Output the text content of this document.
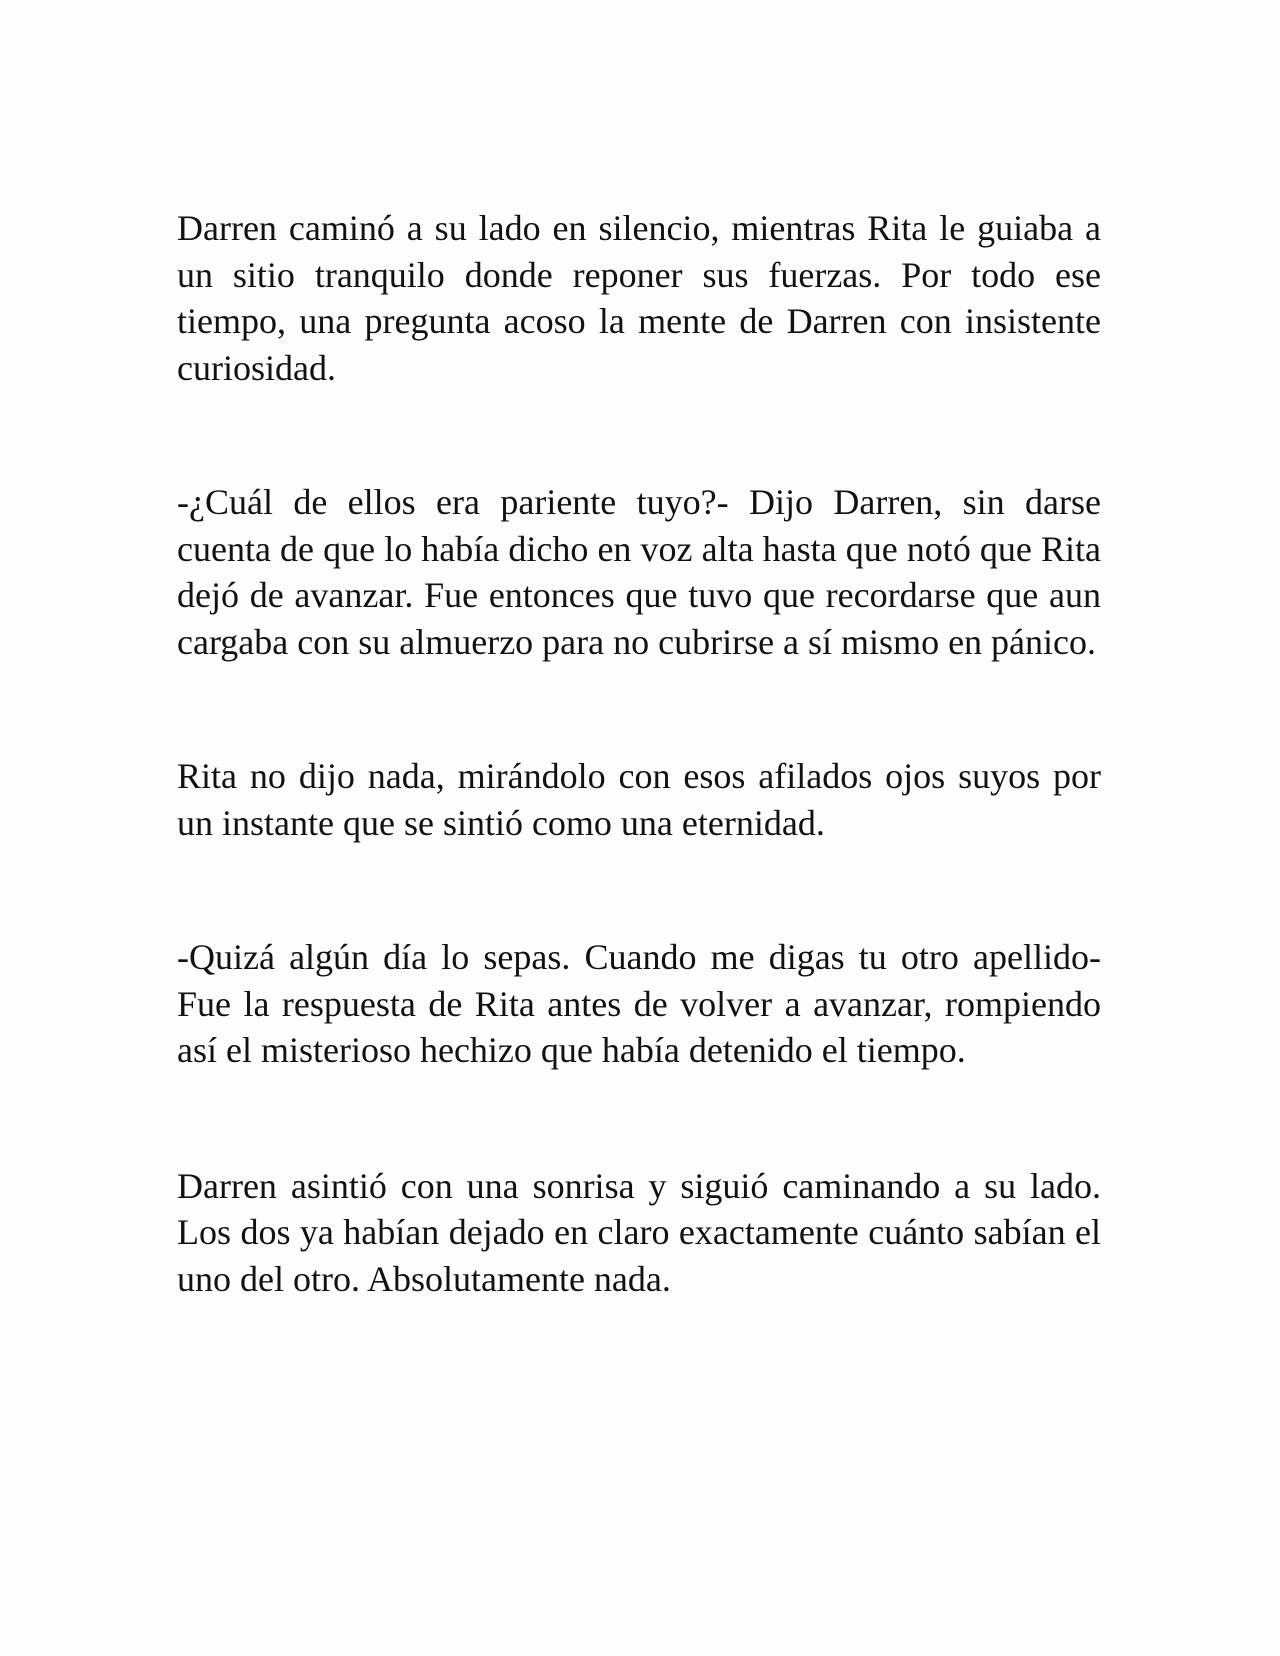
Darren caminó a su lado en silencio, mientras Rita le guiaba a un sitio tranquilo donde reponer sus fuerzas. Por todo ese tiempo, una pregunta acoso la mente de Darren con insistente curiosidad.

-¿Cuál de ellos era pariente tuyo?- Dijo Darren, sin darse cuenta de que lo había dicho en voz alta hasta que notó que Rita dejó de avanzar. Fue entonces que tuvo que recordarse que aun cargaba con su almuerzo para no cubrirse a sí mismo en pánico.

Rita no dijo nada, mirándolo con esos afilados ojos suyos por un instante que se sintió como una eternidad.

-Quizá algún día lo sepas. Cuando me digas tu otro apellido- Fue la respuesta de Rita antes de volver a avanzar, rompiendo así el misterioso hechizo que había detenido el tiempo.

Darren asintió con una sonrisa y siguió caminando a su lado. Los dos ya habían dejado en claro exactamente cuánto sabían el uno del otro. Absolutamente nada.
